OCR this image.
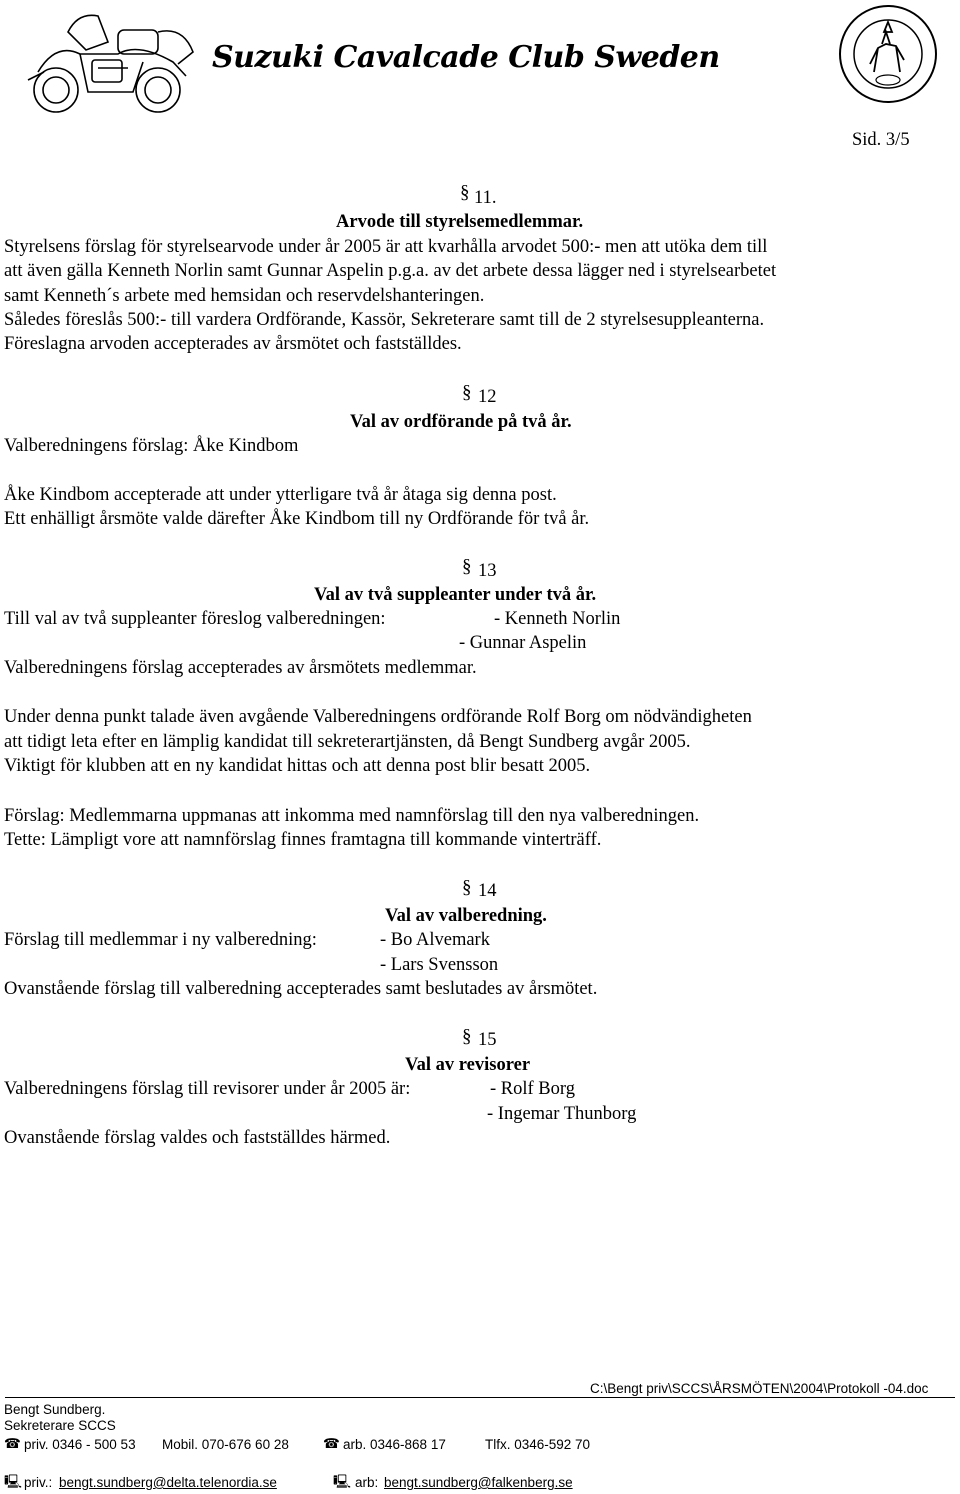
Suzuki Cavalcade Club Sweden
Sid. 3/5
§ 11.
Arvode till styrelsemedlemmar.
Styrelsens förslag för styrelsearvode under år 2005 är att kvarhålla arvodet 500:- men att utöka dem till
att även gälla Kenneth Norlin samt Gunnar Aspelin p.g.a. av det arbete dessa lägger ned i styrelsearbetet
samt Kenneth´s arbete med hemsidan och reservdelshanteringen.
Således föreslås 500:- till vardera Ordförande, Kassör, Sekreterare samt till de 2 styrelsesuppleanterna.
Föreslagna arvoden accepterades av årsmötet och fastställdes.
§ 12
Val av ordförande på två år.
Valberedningens förslag: Åke Kindbom
Åke Kindbom accepterade att under ytterligare två år åtaga sig denna post.
Ett enhälligt årsmöte valde därefter Åke Kindbom till ny Ordförande för två år.
§ 13
Val av två suppleanter under två år.
Till val av två suppleanter föreslog valberedningen:	- Kenneth Norlin
- Gunnar Aspelin
Valberedningens förslag accepterades av årsmötets medlemmar.
Under denna punkt talade även avgående Valberedningens ordförande Rolf Borg om nödvändigheten
att tidigt leta efter en lämplig kandidat till sekreterartjänsten, då Bengt Sundberg avgår 2005.
Viktigt för klubben att en ny kandidat hittas och att denna post blir besatt 2005.
Förslag: Medlemmarna uppmanas att inkomma med namnförslag till den nya valberedningen.
Tette: Lämpligt vore att namnförslag finnes framtagna till kommande vinterträff.
§ 14
Val av valberedning.
Förslag till medlemmar i ny valberedning:	- Bo Alvemark
- Lars Svensson
Ovanstående förslag till valberedning accepterades samt beslutades av årsmötet.
§ 15
Val av revisorer
Valberedningens förslag till revisorer under år 2005 är:	- Rolf Borg
- Ingemar Thunborg
Ovanstående förslag valdes och fastställdes härmed.
C:\Bengt priv\SCCS\ÅRSMÖTEN\2004\Protokoll -04.doc
Bengt Sundberg.
Sekreterare SCCS
☎ priv. 0346 - 500 53 Mobil. 070-676 60 28	☎ arb. 0346-868 17	Tlfx. 0346-592 70
🖳 priv.: bengt.sundberg@delta.telenordia.se	🖳 arb: bengt.sundberg@falkenberg.se
